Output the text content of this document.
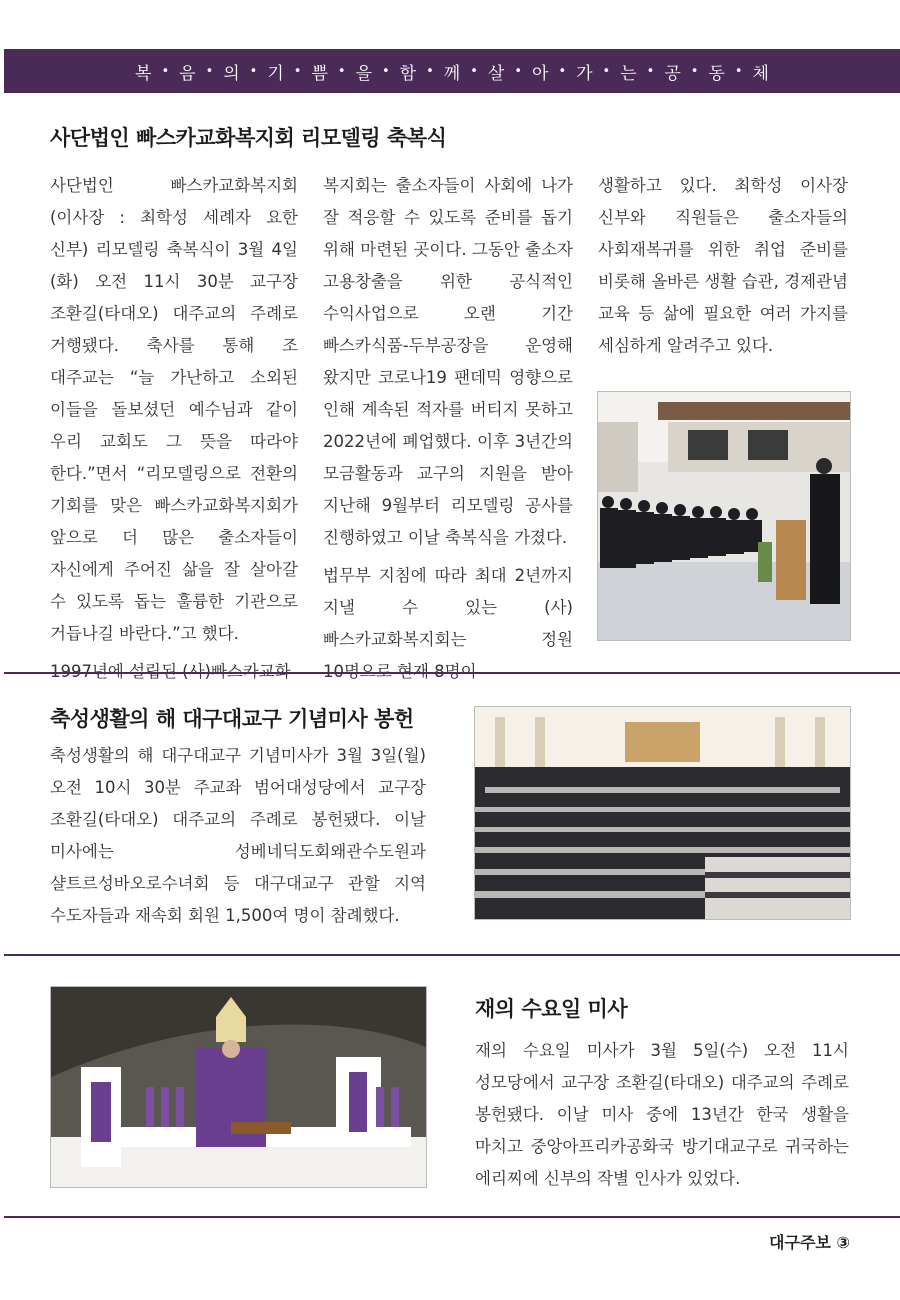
복 • 음 • 의 • 기 • 쁨 • 을 • 함 • 께 • 살 • 아 • 가 • 는 • 공 • 동 • 체
사단법인 빠스카교화복지회 리모델링 축복식

사단법인 빠스카교화복지회(이사장 : 최학성 세례자 요한 신부) 리모델링 축복식이 3월 4일(화) 오전 11시 30분 교구장 조환길(타대오) 대주교의 주례로 거행됐다. 축사를 통해 조 대주교는 “늘 가난하고 소외된 이들을 돌보셨던 예수님과 같이 우리 교회도 그 뜻을 따라야 한다.”면서 “리모델링으로 전환의 기회를 맞은 빠스카교화복지회가 앞으로 더 많은 출소자들이 자신에게 주어진 삶을 잘 살아갈 수 있도록 돕는 훌륭한 기관으로 거듭나길 바란다.”고 했다.

복지회는 출소자들이 사회에 나가 잘 적응할 수 있도록 준비를 돕기 위해 마련된 곳이다. 그동안 출소자 고용창출을 위한 공식적인 수익사업으로 오랜 기간 빠스카식품-두부공장을 운영해 왔지만 코로나19 팬데믹 영향으로 인해 계속된 적자를 버티지 못하고 2022년에 폐업했다. 이후 3년간의 모금활동과 교구의 지원을 받아 지난해 9월부터 리모델링 공사를 진행하였고 이날 축복식을 가졌다.

법무부 지침에 따라 최대 2년까지 지낼 수 있는 (사)빠스카교화복지회는 정원

생활하고 있다. 최학성 이사장 신부와 직원들은 출소자들의 사회재복귀를 위한 취업 준비를 비롯해 올바른 생활 습관, 경제관념 교육 등 삶에 필요한 여러 가지를 세심하게 알려주고 있다.

축성생활의 해 대구대교구 기념미사 봉헌

축성생활의 해 대구대교구 기념미사가 3월 3일(월) 오전 10시 30분 주교좌 범어대성당에서 교구장 조환길(타대오) 대주교의 주례로 봉헌됐다. 이날 미사에는 성베네딕도회왜관수도원과 샬트르성바오로수녀회 등 대구대교구 관할 지역 수도자들과 재속회 회원 1,500여 명이 참례했다.

재의 수요일 미사

재의 수요일 미사가 3월 5일(수) 오전 11시 성모당에서 교구장 조환길(타대오) 대주교의 주례로 봉헌됐다. 이날 미사 중에 13년간 한국 생활을 마치고 중앙아프리카공화국 방기대교구로 귀국하는 에리찌에 신부의 작별 인사가 있었다.

대구주보 ③
